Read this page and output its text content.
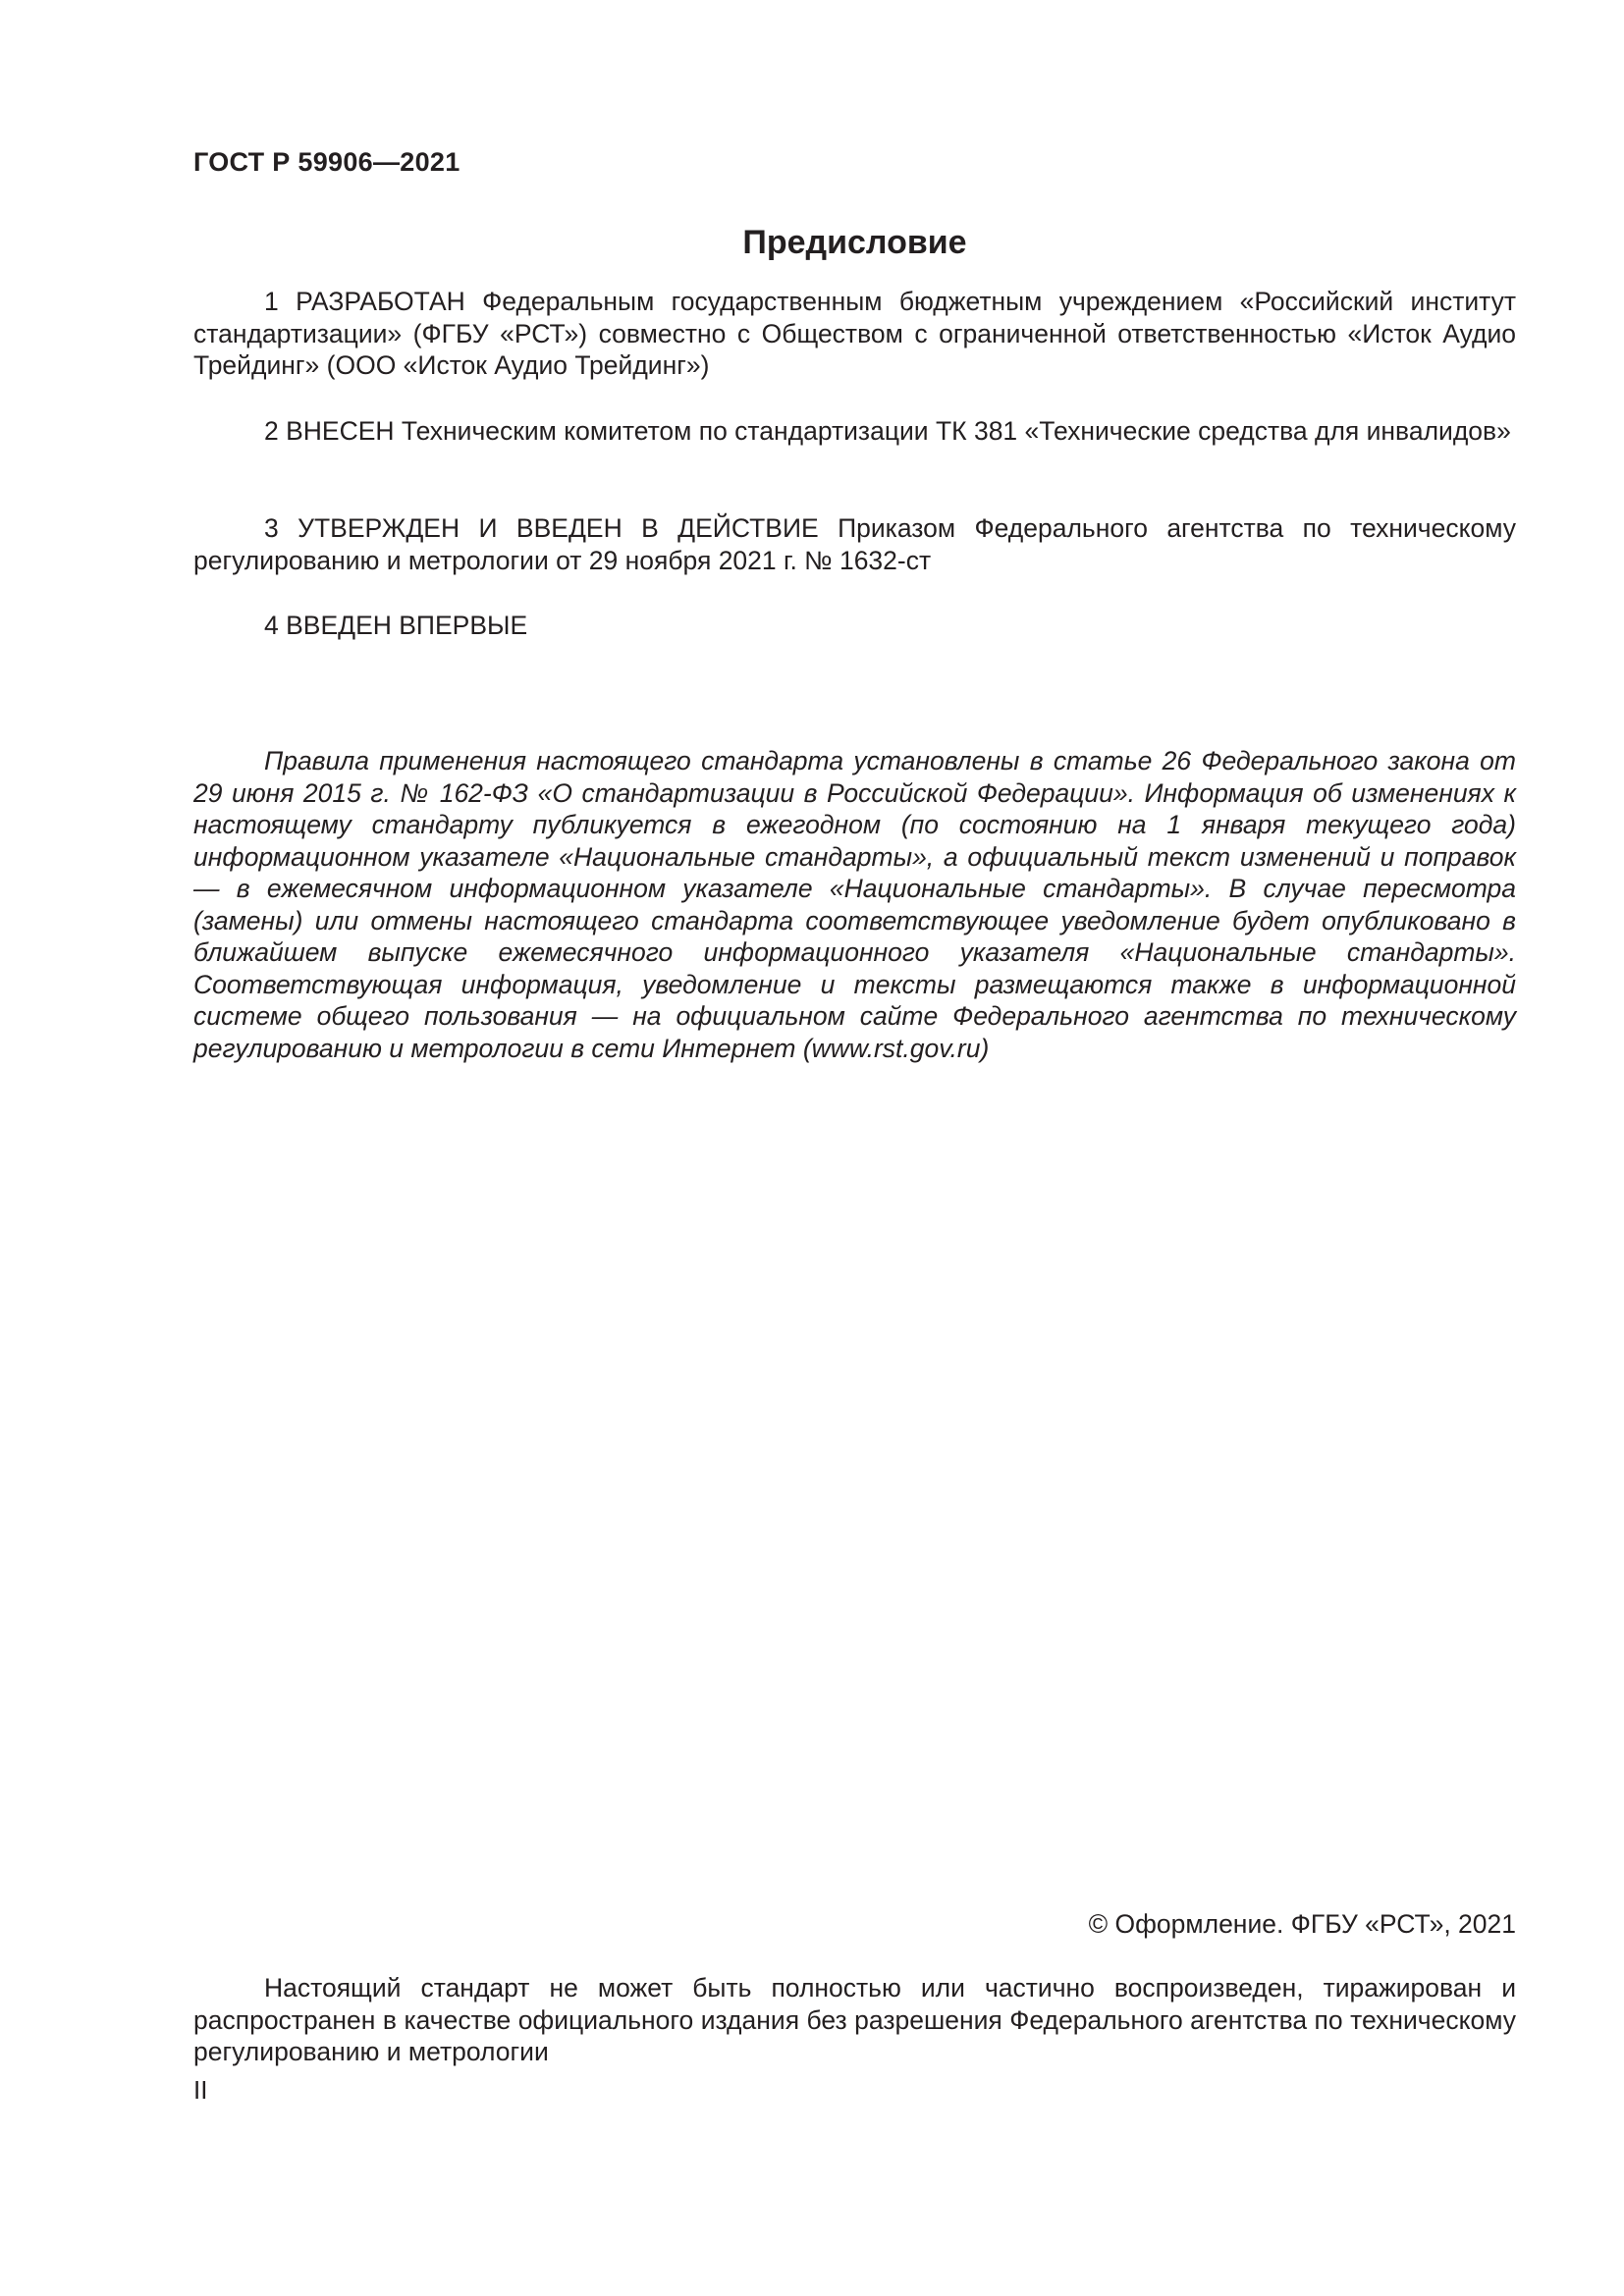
ГОСТ Р 59906—2021
Предисловие
1 РАЗРАБОТАН Федеральным государственным бюджетным учреждением «Российский институт стандартизации» (ФГБУ «РСТ») совместно с Обществом с ограниченной ответственностью «Исток Аудио Трейдинг» (ООО «Исток Аудио Трейдинг»)
2 ВНЕСЕН Техническим комитетом по стандартизации ТК 381 «Технические средства для инвалидов»
3 УТВЕРЖДЕН И ВВЕДЕН В ДЕЙСТВИЕ Приказом Федерального агентства по техническому регулированию и метрологии от 29 ноября 2021 г. № 1632-ст
4 ВВЕДЕН ВПЕРВЫЕ
Правила применения настоящего стандарта установлены в статье 26 Федерального закона от 29 июня 2015 г. № 162-ФЗ «О стандартизации в Российской Федерации». Информация об изменениях к настоящему стандарту публикуется в ежегодном (по состоянию на 1 января текущего года) информационном указателе «Национальные стандарты», а официальный текст изменений и поправок — в ежемесячном информационном указателе «Национальные стандарты». В случае пересмотра (замены) или отмены настоящего стандарта соответствующее уведомление будет опубликовано в ближайшем выпуске ежемесячного информационного указателя «Национальные стандарты». Соответствующая информация, уведомление и тексты размещаются также в информационной системе общего пользования — на официальном сайте Федерального агентства по техническому регулированию и метрологии в сети Интернет (www.rst.gov.ru)
© Оформление. ФГБУ «РСТ», 2021
Настоящий стандарт не может быть полностью или частично воспроизведен, тиражирован и распространен в качестве официального издания без разрешения Федерального агентства по техническому регулированию и метрологии
II
